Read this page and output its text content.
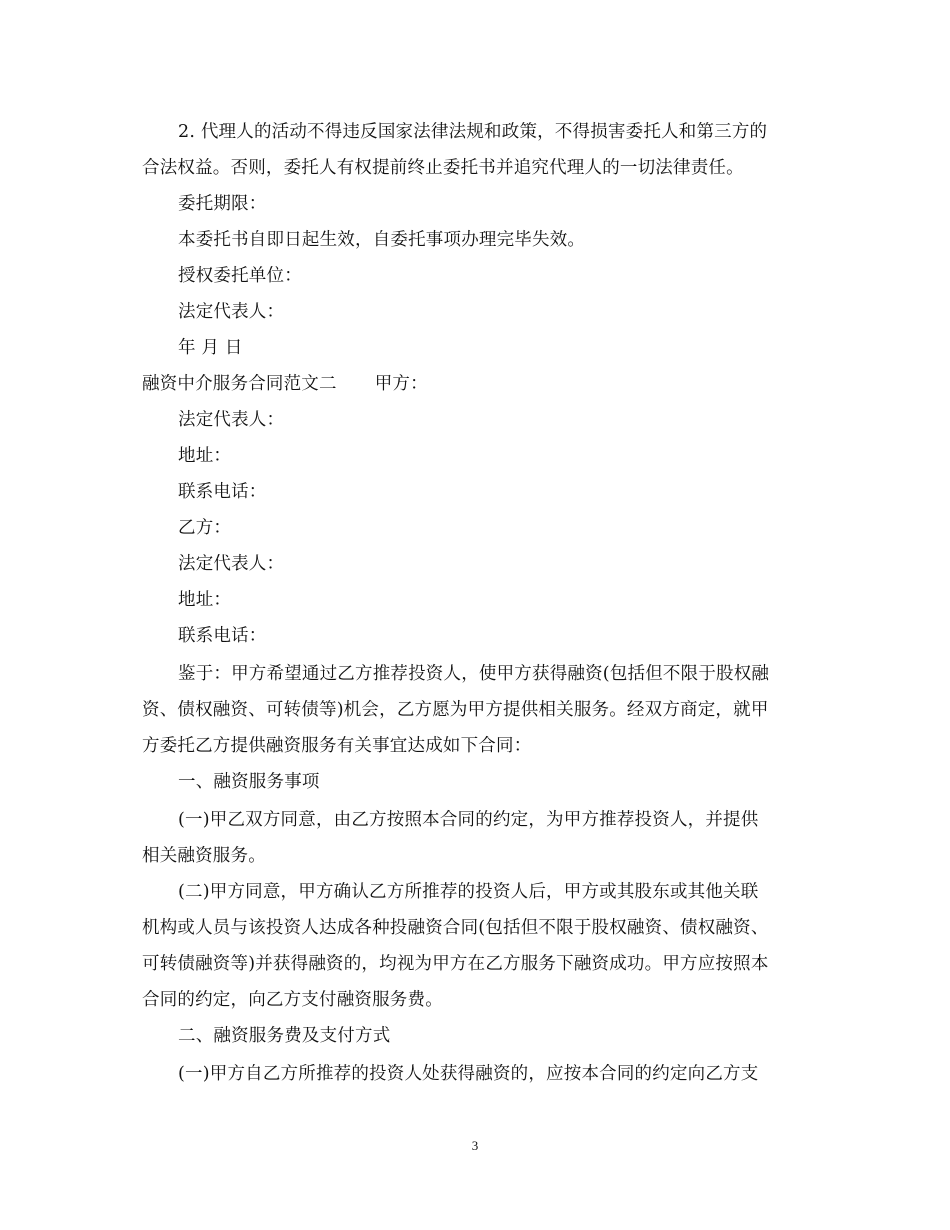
2. 代理人的活动不得违反国家法律法规和政策，不得损害委托人和第三方的
合法权益。否则，委托人有权提前终止委托书并追究代理人的一切法律责任。
委托期限：
本委托书自即日起生效，自委托事项办理完毕失效。
授权委托单位：
法定代表人：
年 月 日
融资中介服务合同范文二 甲方：
法定代表人：
地址：
联系电话：
乙方：
法定代表人：
地址：
联系电话：
鉴于：甲方希望通过乙方推荐投资人，使甲方获得融资(包括但不限于股权融
资、债权融资、可转债等)机会，乙方愿为甲方提供相关服务。经双方商定，就甲
方委托乙方提供融资服务有关事宜达成如下合同：
一、融资服务事项
(一)甲乙双方同意，由乙方按照本合同的约定，为甲方推荐投资人，并提供
相关融资服务。
(二)甲方同意，甲方确认乙方所推荐的投资人后，甲方或其股东或其他关联
机构或人员与该投资人达成各种投融资合同(包括但不限于股权融资、债权融资、
可转债融资等)并获得融资的，均视为甲方在乙方服务下融资成功。甲方应按照本
合同的约定，向乙方支付融资服务费。
二、融资服务费及支付方式
(一)甲方自乙方所推荐的投资人处获得融资的，应按本合同的约定向乙方支
3
